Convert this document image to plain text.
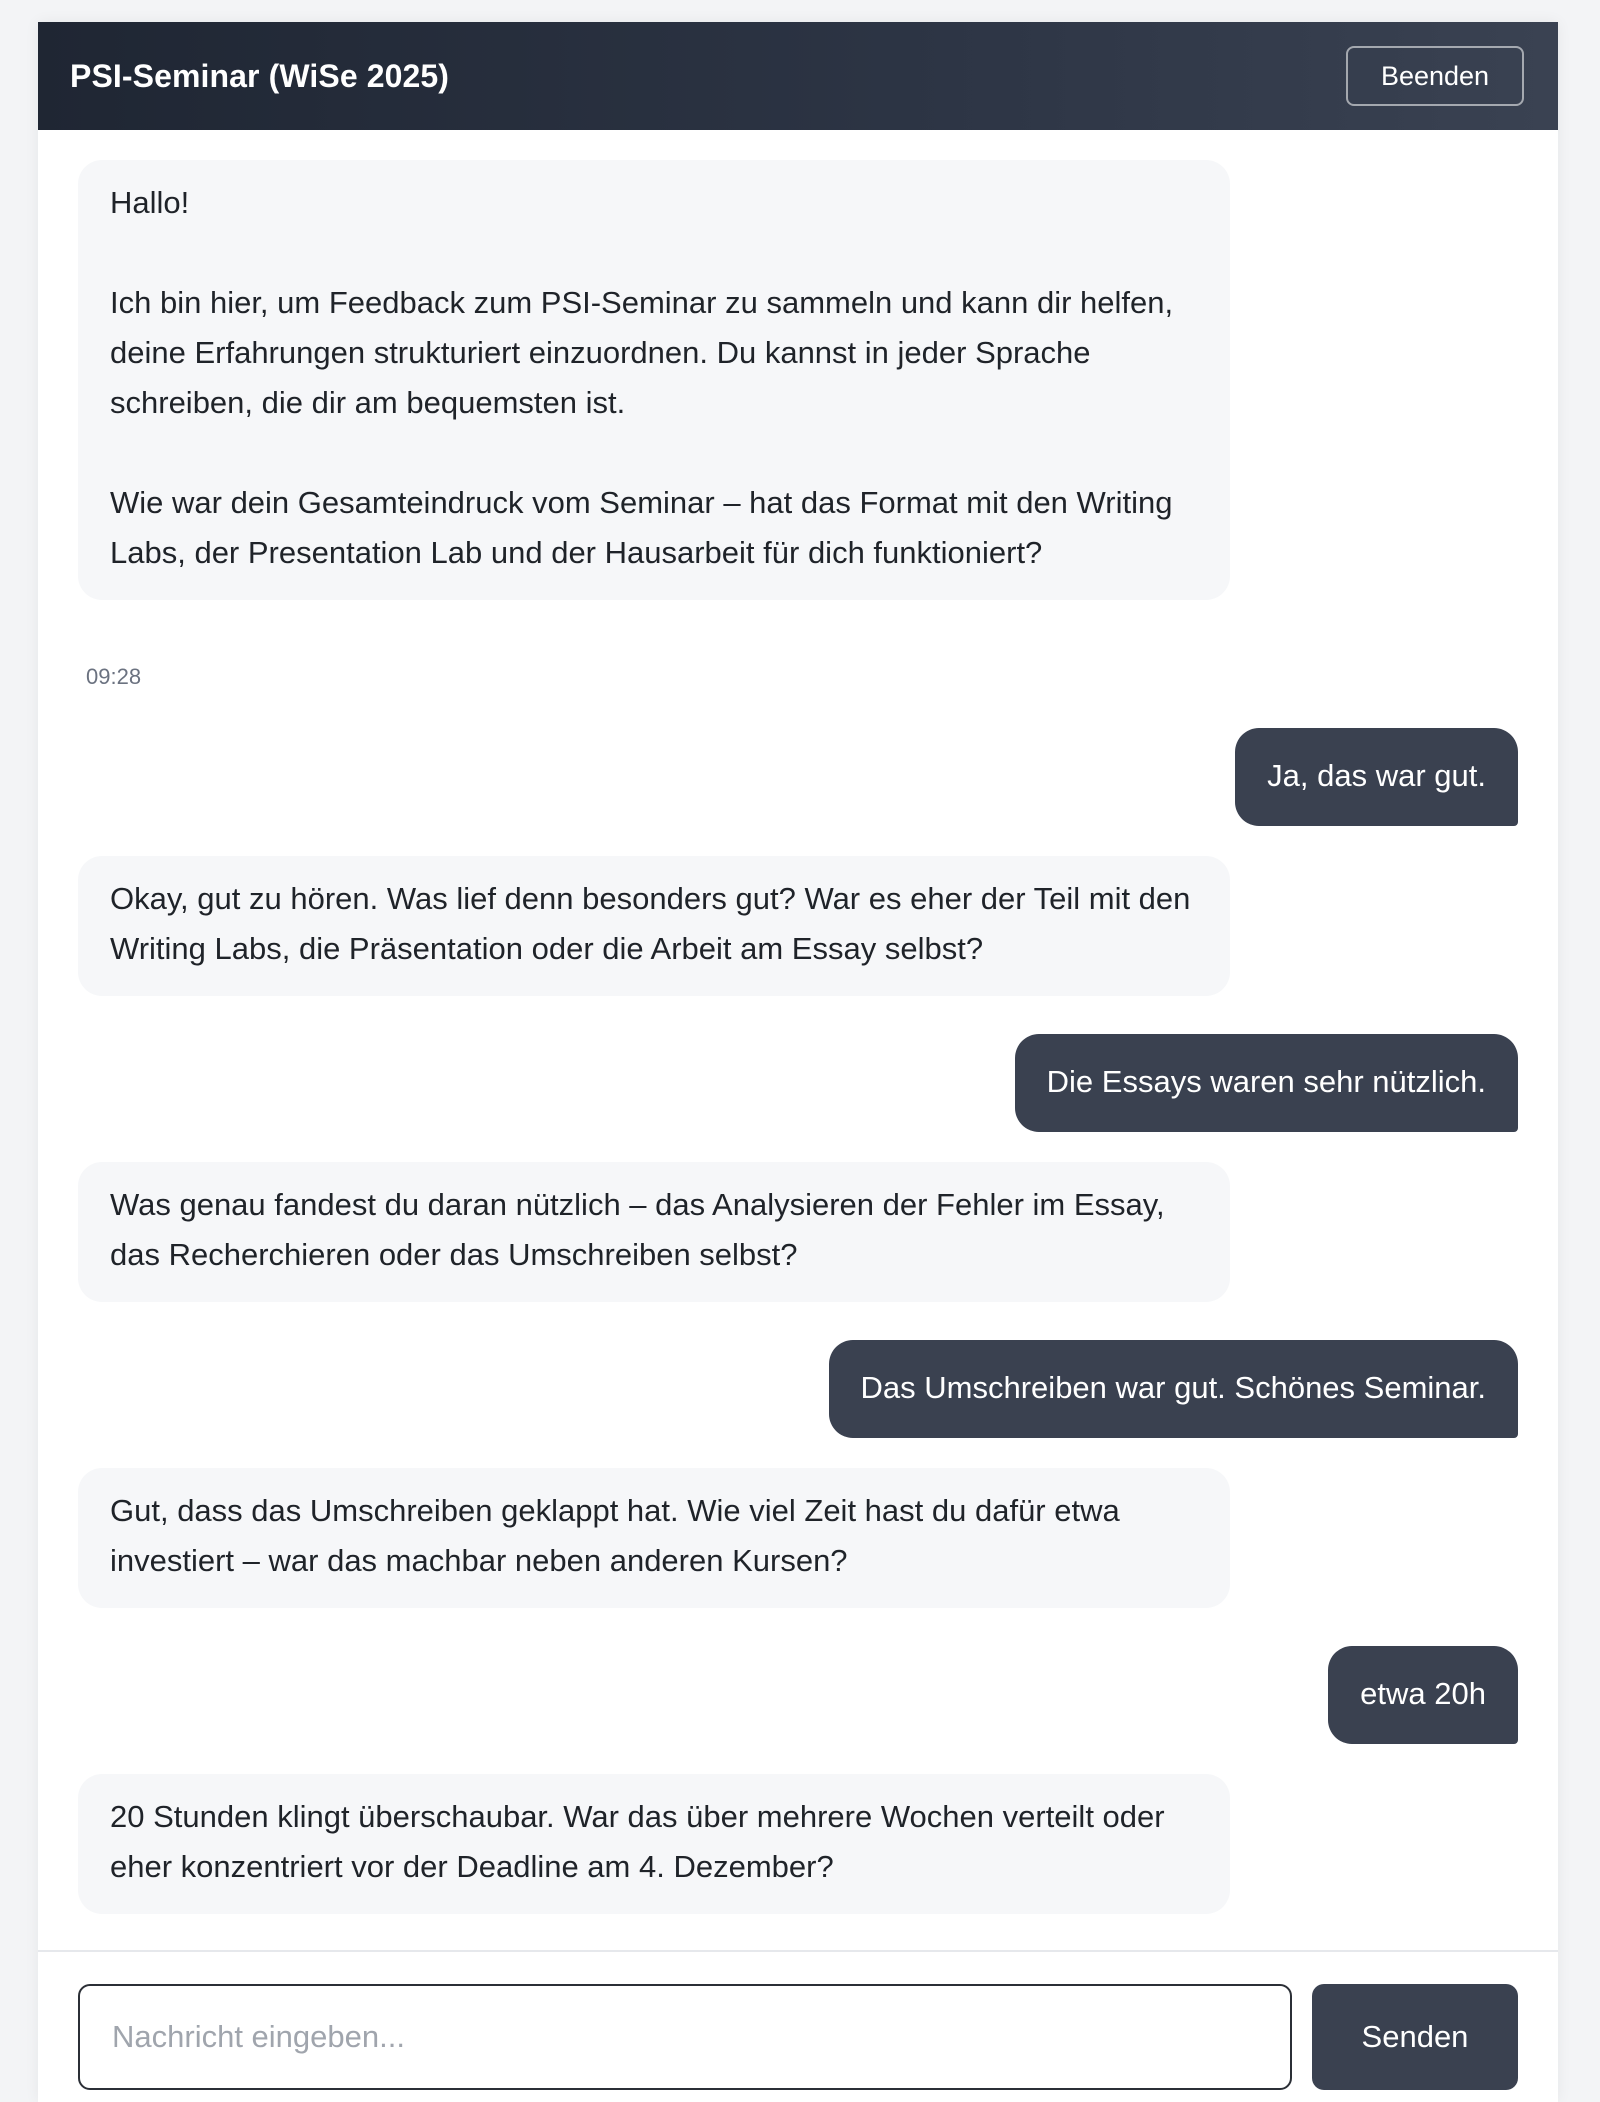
PSI-Seminar (WiSe 2025)	Beenden
Hallo!

Ich bin hier, um Feedback zum PSI-Seminar zu sammeln und kann dir helfen, deine Erfahrungen strukturiert einzuordnen. Du kannst in jeder Sprache schreiben, die dir am bequemsten ist.

Wie war dein Gesamteindruck vom Seminar – hat das Format mit den Writing Labs, der Presentation Lab und der Hausarbeit für dich funktioniert?
09:28
Ja, das war gut.
Okay, gut zu hören. Was lief denn besonders gut? War es eher der Teil mit den Writing Labs, die Präsentation oder die Arbeit am Essay selbst?
Die Essays waren sehr nützlich.
Was genau fandest du daran nützlich – das Analysieren der Fehler im Essay, das Recherchieren oder das Umschreiben selbst?
Das Umschreiben war gut. Schönes Seminar.
Gut, dass das Umschreiben geklappt hat. Wie viel Zeit hast du dafür etwa investiert – war das machbar neben anderen Kursen?
etwa 20h
20 Stunden klingt überschaubar. War das über mehrere Wochen verteilt oder eher konzentriert vor der Deadline am 4. Dezember?
Nachricht eingeben...
Senden
